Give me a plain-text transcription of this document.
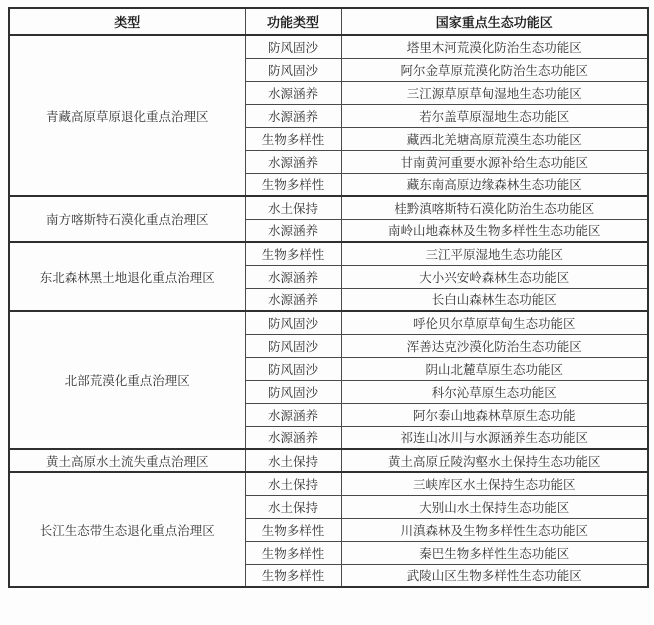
类型	功能类型	国家重点生态功能区
青藏高原草原退化重点治理区	防风固沙	塔里木河荒漠化防治生态功能区
	防风固沙	阿尔金草原荒漠化防治生态功能区
	水源涵养	三江源草原草甸湿地生态功能区
	水源涵养	若尔盖草原湿地生态功能区
	生物多样性	藏西北羌塘高原荒漠生态功能区
	水源涵养	甘南黄河重要水源补给生态功能区
	生物多样性	藏东南高原边缘森林生态功能区
南方喀斯特石漠化重点治理区	水土保持	桂黔滇喀斯特石漠化防治生态功能区
	水源涵养	南岭山地森林及生物多样性生态功能区
东北森林黑土地退化重点治理区	生物多样性	三江平原湿地生态功能区
	水源涵养	大小兴安岭森林生态功能区
	水源涵养	长白山森林生态功能区
北部荒漠化重点治理区	防风固沙	呼伦贝尔草原草甸生态功能区
	防风固沙	浑善达克沙漠化防治生态功能区
	防风固沙	阴山北麓草原生态功能区
	防风固沙	科尔沁草原生态功能区
	水源涵养	阿尔泰山地森林草原生态功能
	水源涵养	祁连山冰川与水源涵养生态功能区
黄土高原水土流失重点治理区	水土保持	黄土高原丘陵沟壑水土保持生态功能区
长江生态带生态退化重点治理区	水土保持	三峡库区水土保持生态功能区
	水土保持	大别山水土保持生态功能区
	生物多样性	川滇森林及生物多样性生态功能区
	生物多样性	秦巴生物多样性生态功能区
	生物多样性	武陵山区生物多样性生态功能区
